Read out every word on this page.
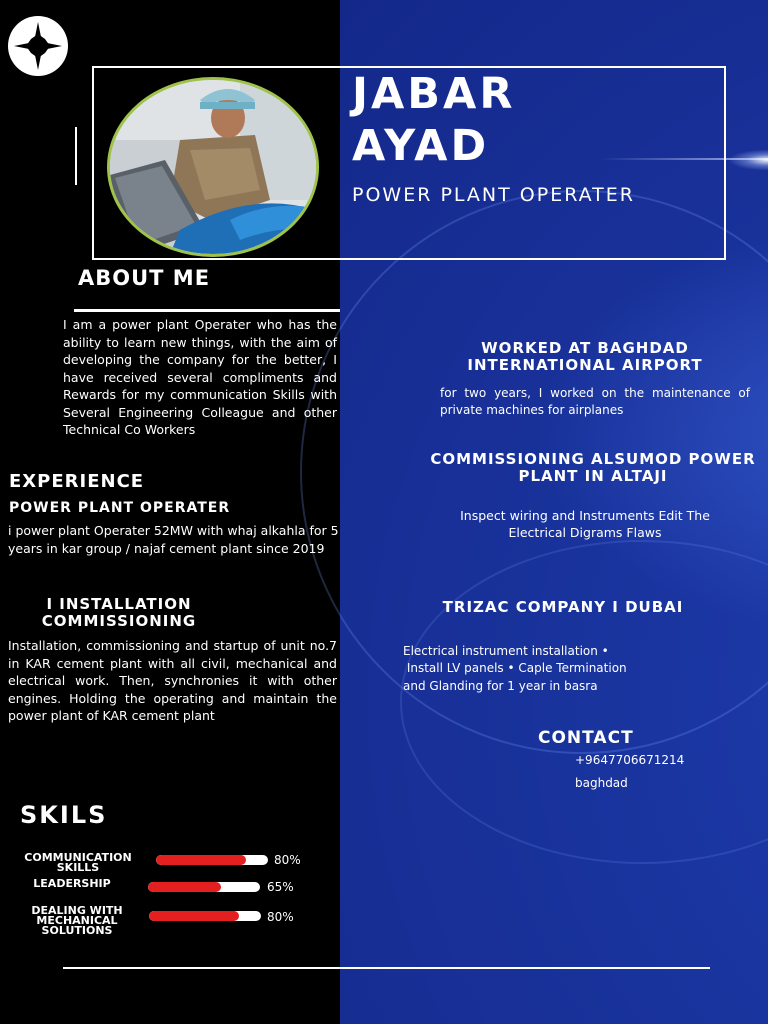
JABAR
AYAD
POWER PLANT OPERATER
ABOUT ME
I am a power plant Operater who has the ability to learn new things, with the aim of developing the company for the better, I have received several compliments and Rewards for my communication Skills with Several Engineering Colleague and other Technical Co Workers
EXPERIENCE
POWER PLANT OPERATER
i power plant Operater 52MW with whaj alkahla for 5 years in kar group / najaf cement plant since 2019
I INSTALLATION COMMISSIONING
Installation, commissioning and startup of unit no.7 in KAR cement plant with all civil, mechanical and electrical work. Then, synchronies it with other engines. Holding the operating and maintain the power plant of KAR cement plant
SKILS
COMMUNICATION SKILLS
80%
LEADERSHIP	65%
DEALING WITH MECHANICAL SOLUTIONS
80%
WORKED AT BAGHDAD INTERNATIONAL AIRPORT
for two years, I worked on the maintenance of private machines for airplanes
COMMISSIONING ALSUMOD POWER PLANT IN ALTAJI
Inspect wiring and Instruments Edit The Electrical Digrams Flaws
TRIZAC COMPANY I DUBAI
Electrical instrument installation •
Install LV panels • Caple Termination
and Glanding for 1 year in basra
CONTACT
+9647706671214
baghdad
